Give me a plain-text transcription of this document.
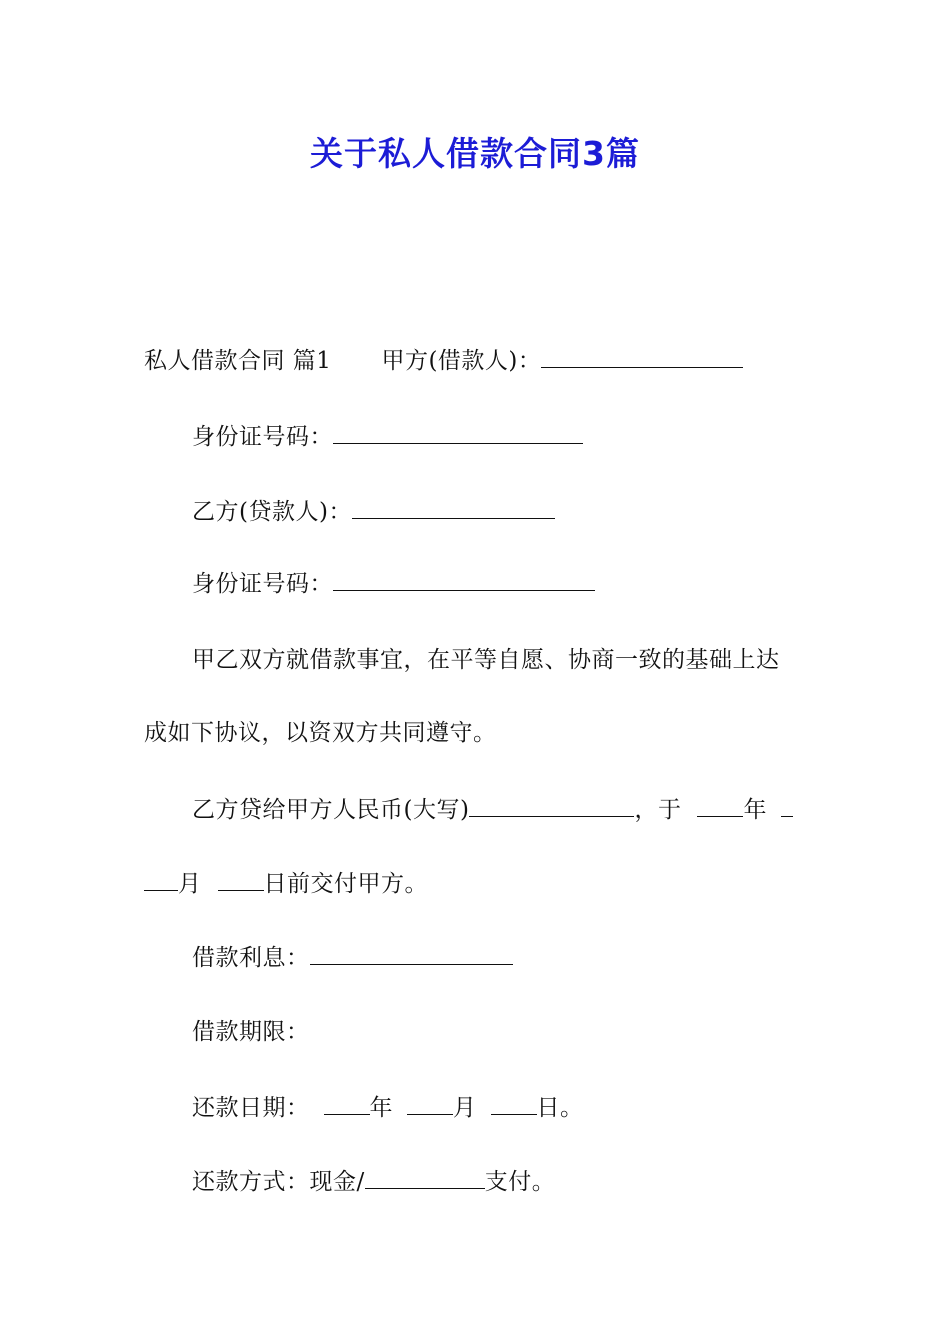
关于私人借款合同3篇
私人借款合同 篇1 甲方(借款人)：
身份证号码：
乙方(贷款人)：
身份证号码：
甲乙双方就借款事宜，在平等自愿、协商一致的基础上达
成如下协议，以资双方共同遵守。
乙方贷给甲方人民币(大写)	，于	年
月	日前交付甲方。
借款利息：
借款期限：
还款日期：	年	月	日。
还款方式：现金/	支付。
